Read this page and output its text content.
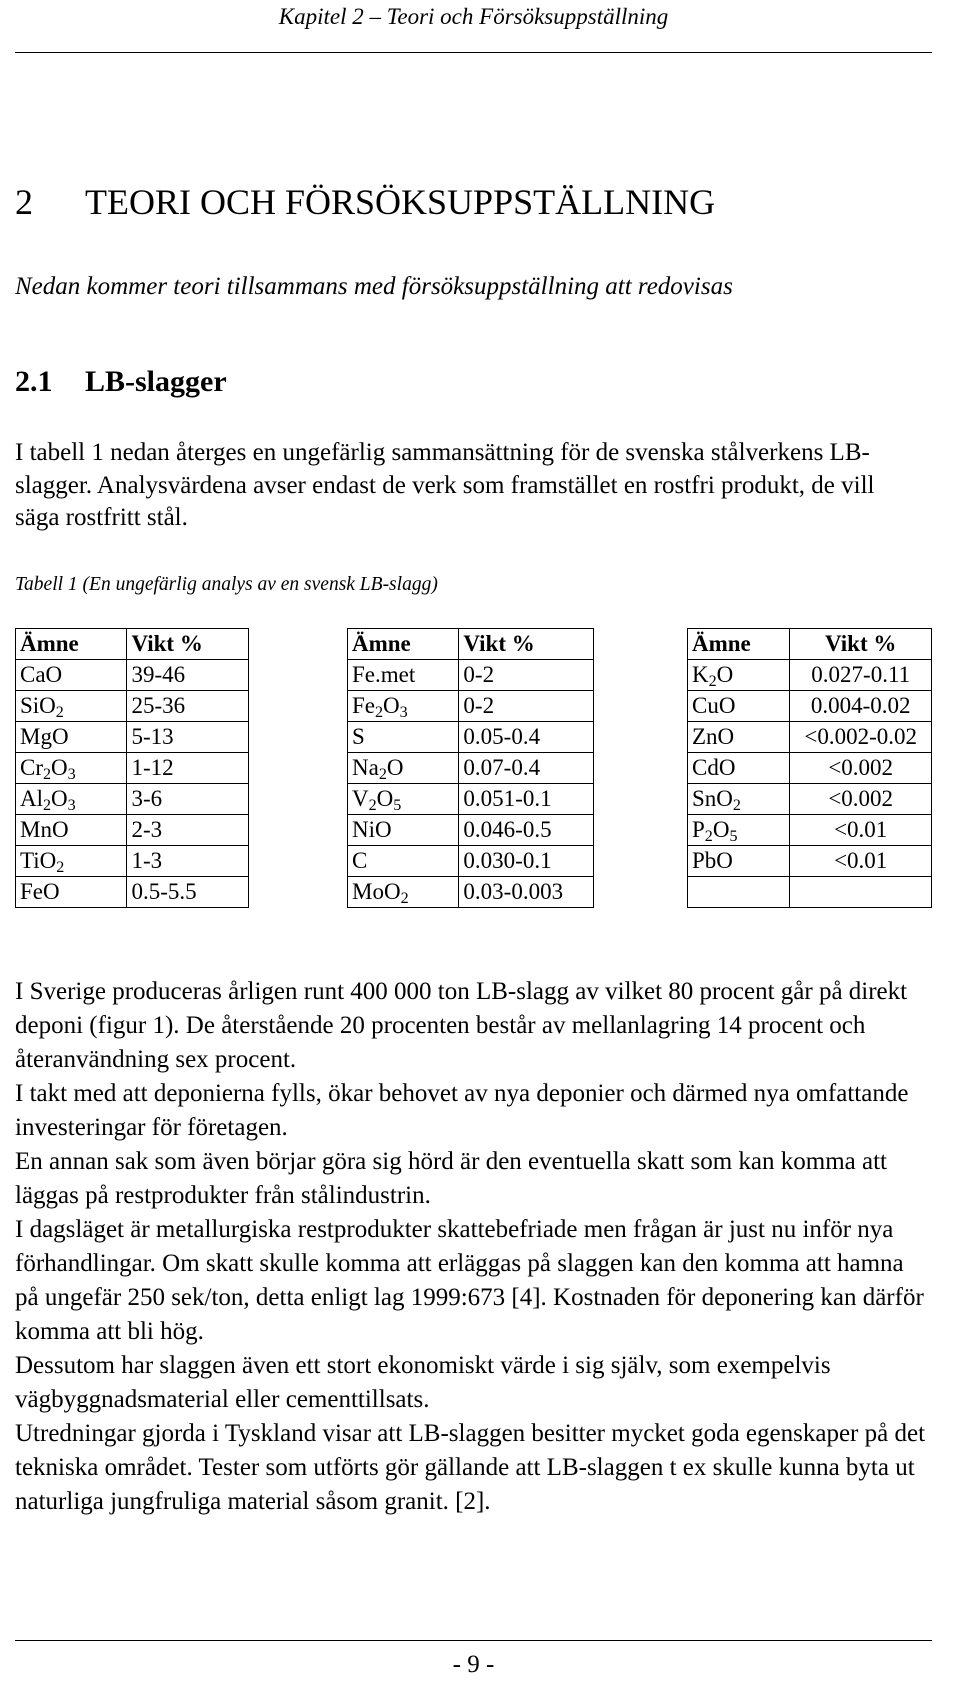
Kapitel 2 – Teori och Försöksuppställning
2 TEORI OCH FÖRSÖKSUPPSTÄLLNING

Nedan kommer teori tillsammans med försöksuppställning att redovisas

2.1 LB-slagger

I tabell 1 nedan återges en ungefärlig sammansättning för de svenska stålverkens LB-slagger. Analysvärdena avser endast de verk som framstället en rostfri produkt, de vill säga rostfritt stål.

Tabell 1 (En ungefärlig analys av en svensk LB-slagg)

Ämne	Vikt %
CaO	39-46
SiO$_2$	25-36
MgO	5-13
$Cr_2O_3$	1-12
$Al_2O_3$	3-6
MnO	2-3
TiO$_2$	1-3
FeO	0.5-5.5
Ämne	Vikt %
Fe.met	0-2
$Fe_2O_3$	0-2
S	0.05-0.4
$Na_2O$	0.07-0.4
$V_2O_5$	0.051-0.1
NiO	0.046-0.5
C	0.030-0.1
MoO$_2$	0.03-0.003
Ämne	Vikt %
$K_2O$	0.027-0.11
CuO	0.004-0.02
ZnO	<0.002-0.02
CdO	<0.002
SnO$_2$	<0.002
$P_2O_5$	<0.01
PbO	<0.01

I Sverige produceras årligen runt 400 000 ton LB-slagg av vilket 80 procent går på direkt deponi (figur 1). De återstående 20 procenten består av mellanlagring 14 procent och återanvändning sex procent.

I takt med att deponierna fylls, ökar behovet av nya deponier och därmed nya omfattande investeringar för företagen.

En annan sak som även börjar göra sig hörd är den eventuella skatt som kan komma att läggas på restprodukter från stålindustrin.

I dagsläget är metallurgiska restprodukter skattebefriade men frågan är just nu inför nya förhandlingar. Om skatt skulle komma att erläggas på slaggen kan den komma att hamna på ungefär 250 sek/ton, detta enligt lag 1999:673 [4]. Kostnaden för deponering kan därför komma att bli hög.

Dessutom har slaggen även ett stort ekonomiskt värde i sig själv, som exempelvis vägbyggnadsmaterial eller cementtillsats.

Utredningar gjorda i Tyskland visar att LB-slaggen besitter mycket goda egenskaper på det tekniska området. Tester som utförts gör gällande att LB-slaggen t ex skulle kunna byta ut naturliga jungfruliga material såsom granit. [2].

- 9 -
